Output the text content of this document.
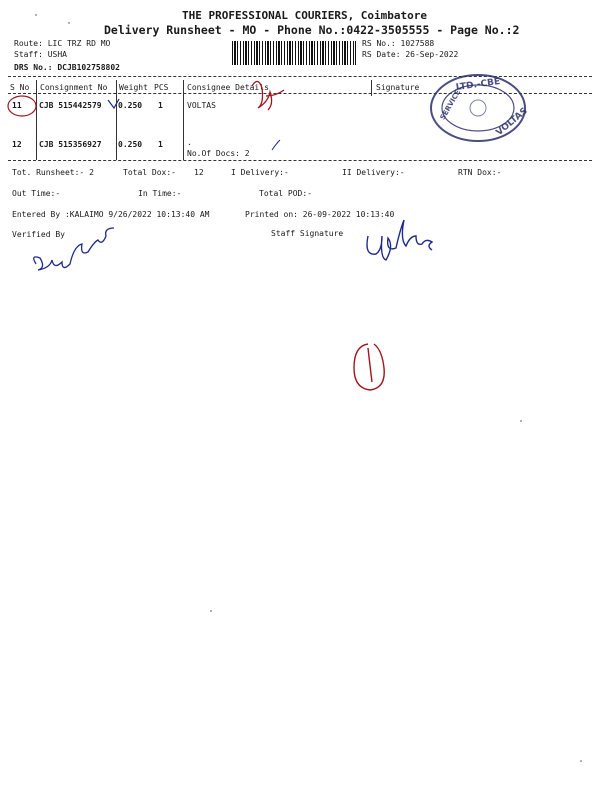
THE PROFESSIONAL COURIERS, Coimbatore
Delivery Runsheet - MO - Phone No.:0422-3505555 - Page No.:2
Route: LIC TRZ RD MO
Staff: USHA
DRS No.: DCJB102758802
RS No.: 1027588
RS Date: 26-Sep-2022
S No Consignment No Weight PCS Consignee Details	Signature
11 CJB 515442579 0.250 1	VOLTAS
12 CJB 515356927 0.250 1	.
No.Of Docs: 2
Tot. Runsheet:- 2	Total Dox:- 12	I Delivery:-	II Delivery:-	RTN Dox:-
Out Time:-	In Time:-	Total POD:-
Entered By :KALAIMO 9/26/2022 10:13:40 AM	Printed on: 26-09-2022 10:13:40
Verified By	Staff Signature
LTD.-CBE
VOLTAS
SERVICE
